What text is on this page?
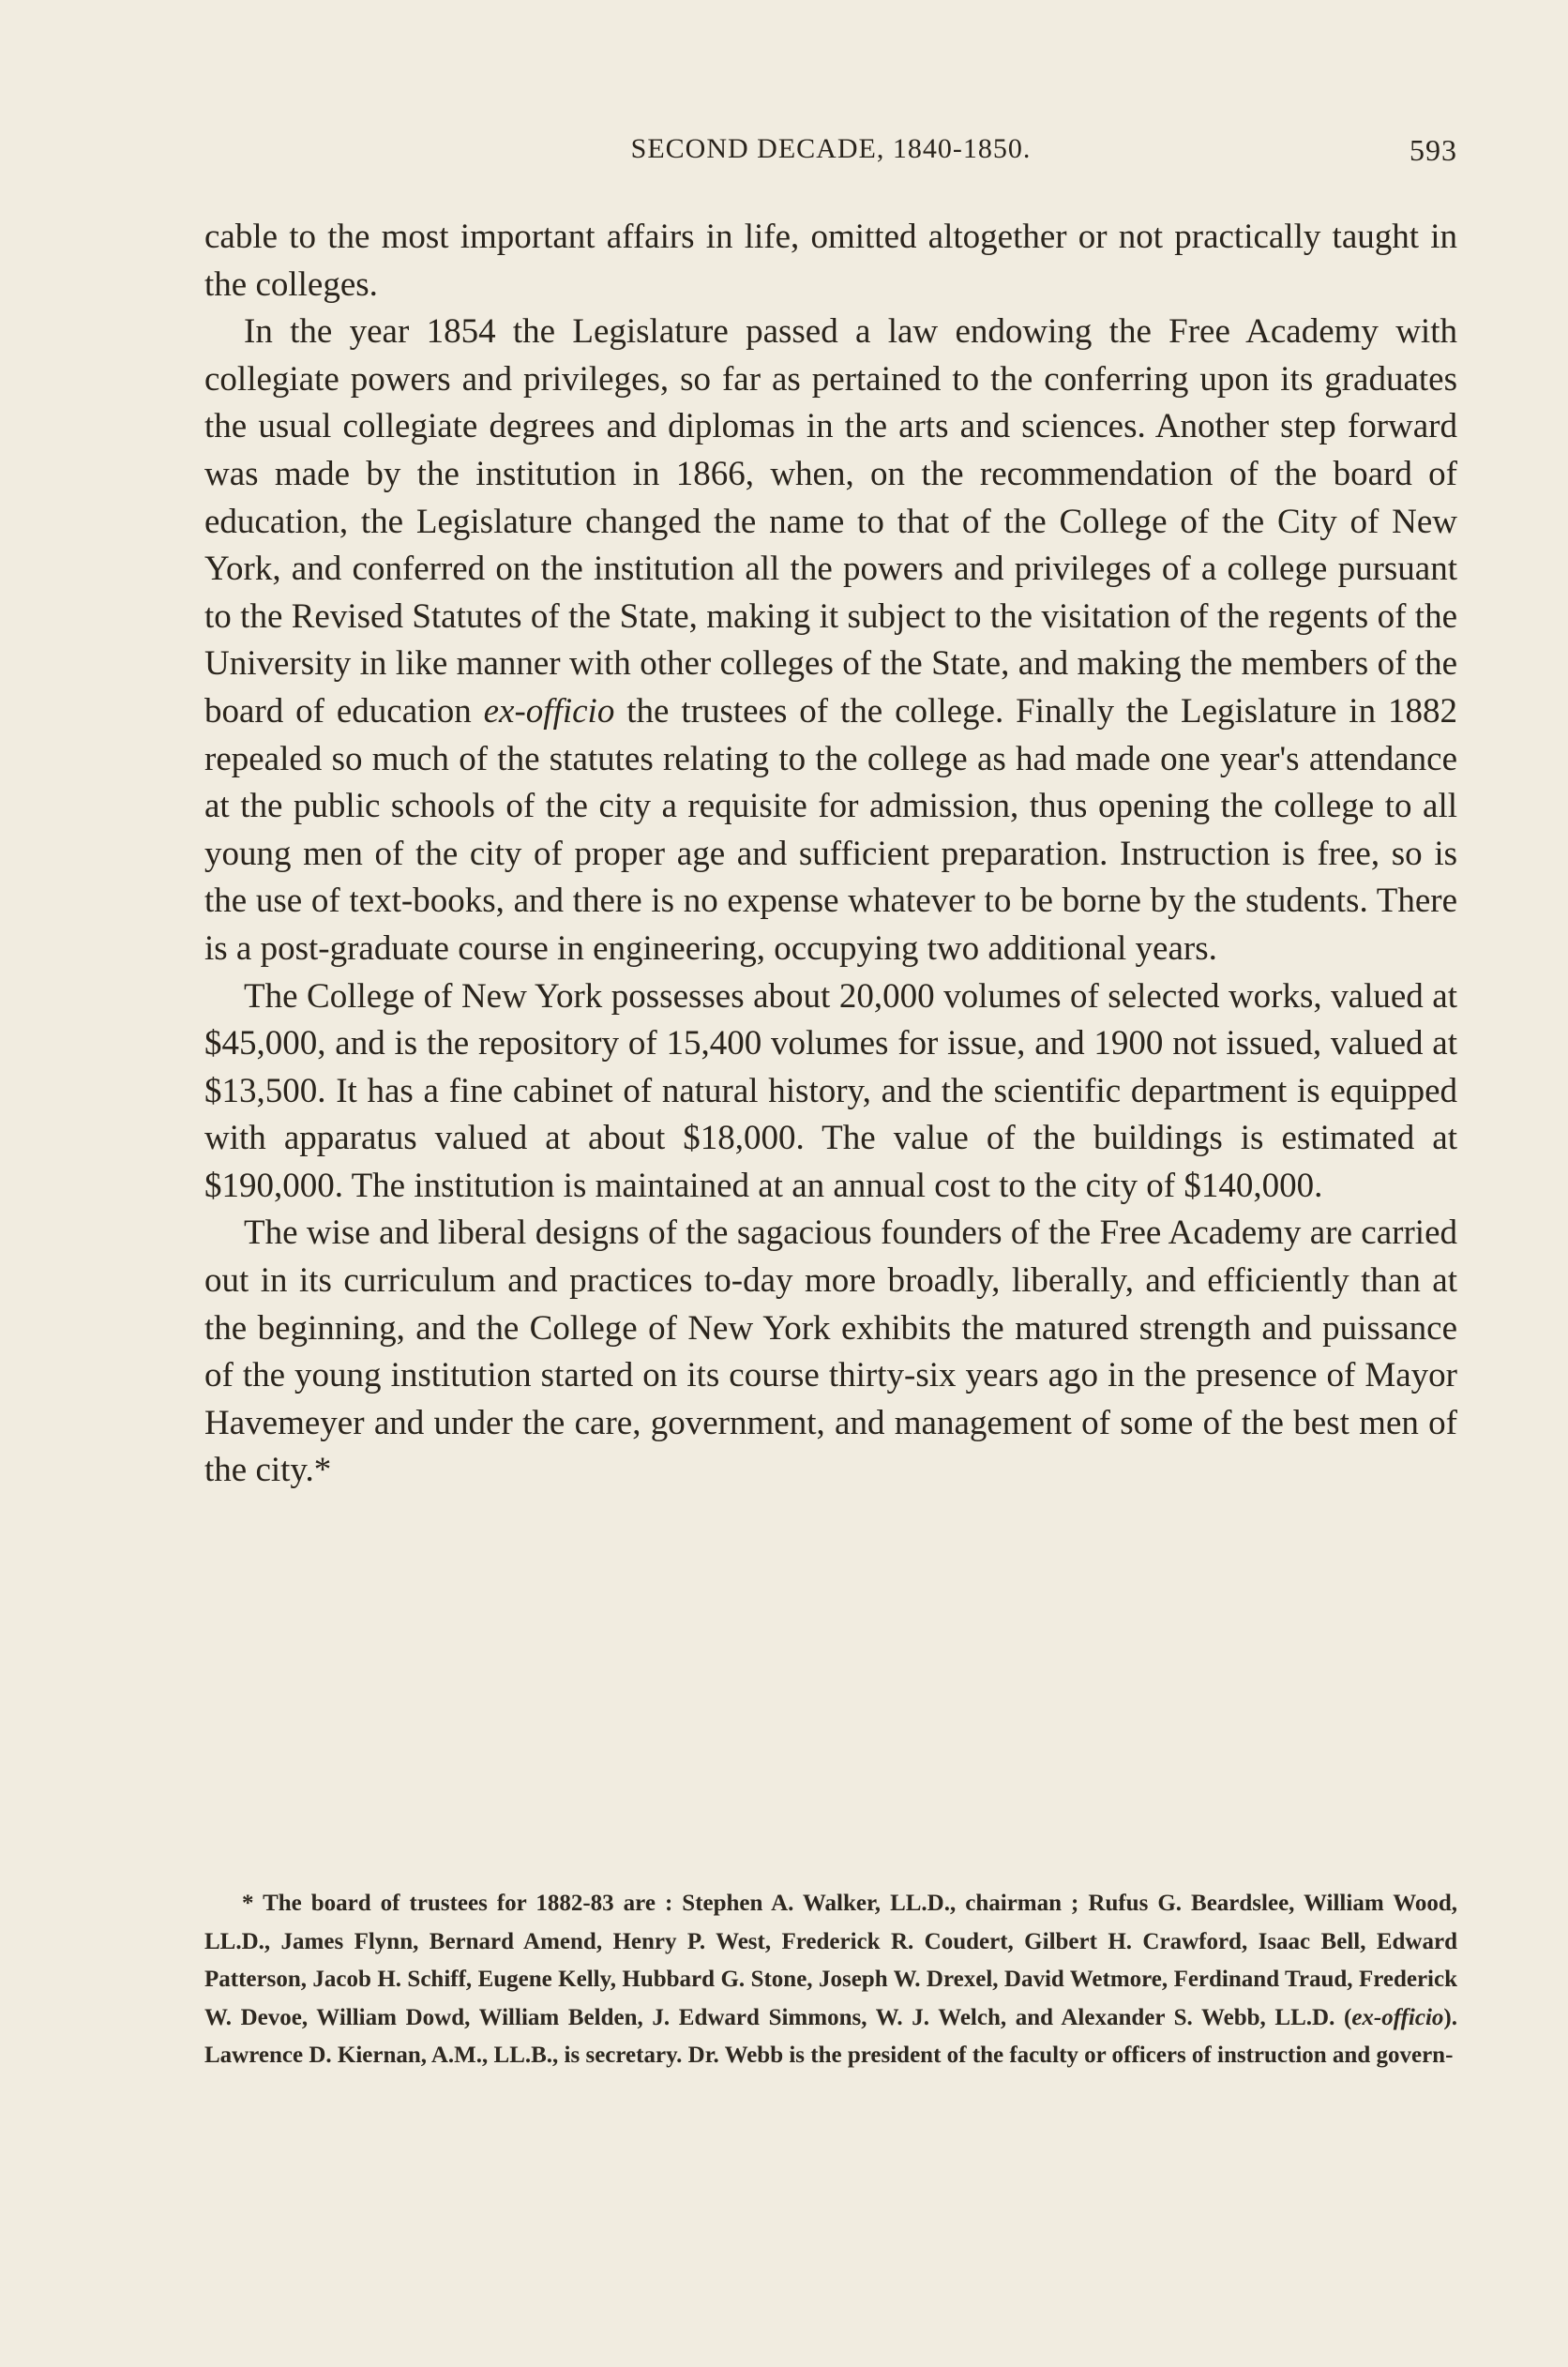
SECOND DECADE, 1840-1850.	593

cable to the most important affairs in life, omitted altogether or not practically taught in the colleges.

In the year 1854 the Legislature passed a law endowing the Free Academy with collegiate powers and privileges, so far as pertained to the conferring upon its graduates the usual collegiate degrees and diplomas in the arts and sciences. Another step forward was made by the institution in 1866, when, on the recommendation of the board of education, the Legislature changed the name to that of the College of the City of New York, and conferred on the institution all the powers and privileges of a college pursuant to the Revised Statutes of the State, making it subject to the visitation of the regents of the University in like manner with other colleges of the State, and making the members of the board of education ex-officio the trustees of the college. Finally the Legislature in 1882 repealed so much of the statutes relating to the college as had made one year's attendance at the public schools of the city a requisite for admission, thus opening the college to all young men of the city of proper age and sufficient preparation. Instruction is free, so is the use of text-books, and there is no expense whatever to be borne by the students. There is a post-graduate course in engineering, occupying two additional years.

The College of New York possesses about 20,000 volumes of selected works, valued at $45,000, and is the repository of 15,400 volumes for issue, and 1900 not issued, valued at $13,500. It has a fine cabinet of natural history, and the scientific department is equipped with apparatus valued at about $18,000. The value of the buildings is estimated at $190,000. The institution is maintained at an annual cost to the city of $140,000.

The wise and liberal designs of the sagacious founders of the Free Academy are carried out in its curriculum and practices to-day more broadly, liberally, and efficiently than at the beginning, and the College of New York exhibits the matured strength and puissance of the young institution started on its course thirty-six years ago in the presence of Mayor Havemeyer and under the care, government, and management of some of the best men of the city.*

* The board of trustees for 1882-83 are : Stephen A. Walker, LL.D., chairman ; Rufus G. Beardslee, William Wood, LL.D., James Flynn, Bernard Amend, Henry P. West, Frederick R. Coudert, Gilbert H. Crawford, Isaac Bell, Edward Patterson, Jacob H. Schiff, Eugene Kelly, Hubbard G. Stone, Joseph W. Drexel, David Wetmore, Ferdinand Traud, Frederick W. Devoe, William Dowd, William Belden, J. Edward Simmons, W. J. Welch, and Alexander S. Webb, LL.D. (ex-officio). Lawrence D. Kiernan, A.M., LL.B., is secretary. Dr. Webb is the president of the faculty or officers of instruction and govern-
